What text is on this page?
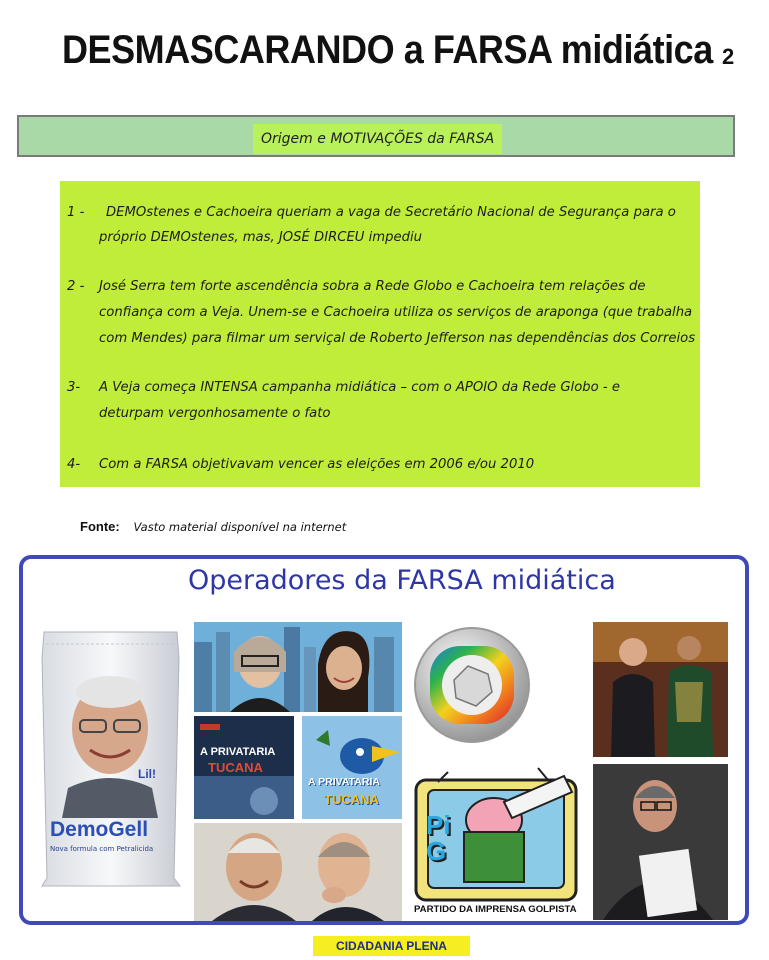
DESMASCARANDO a FARSA midiática 2
Origem e MOTIVAÇÕES da FARSA
1 - DEMOstenes e Cachoeira queriam a vaga de Secretário Nacional de Segurança para o
próprio DEMOstenes, mas, JOSÉ DIRCEU impediu
2 - José Serra tem forte ascendência sobra a Rede Globo e Cachoeira tem relações de
confiança com a Veja. Unem-se e Cachoeira utiliza os serviços de araponga (que trabalha
com Mendes) para filmar um serviçal de Roberto Jefferson nas dependências dos Correios
3- A Veja começa INTENSA campanha midiática – com o APOIO da Rede Globo - e
deturpam vergonhosamente o fato
4- Com a FARSA objetivavam vencer as eleições em 2006 e/ou 2010
Fonte: Vasto material disponível na internet
Operadores da FARSA midiática
Lil!
DemoGell
Nova formula com Petralicida
A PRIVATARIA
TUCANA
A PRIVATARIA
TUCANA
PiG
PARTIDO DA IMPRENSA GOLPISTA
CIDADANIA PLENA
